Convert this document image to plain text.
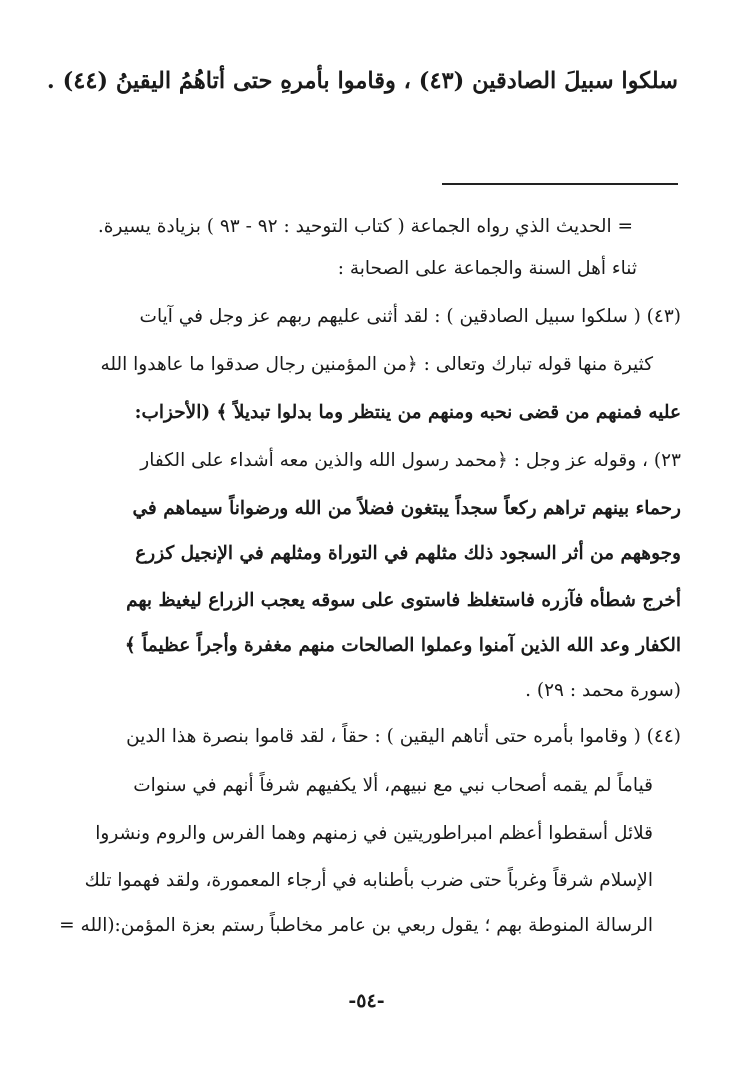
سلكوا سبيلَ الصادقين (٤٣) ، وقاموا بأمرهِ حتى أتاهُمُ اليقينُ (٤٤) .
= الحديث الذي رواه الجماعة ( كتاب التوحيد : ٩٢ - ٩٣ ) بزيادة يسيرة.
ثناء أهل السنة والجماعة على الصحابة :
(٤٣) ( سلكوا سبيل الصادقين ) : لقد أثنى عليهم ربهم عز وجل في آيات
كثيرة منها قوله تبارك وتعالى : ﴿من المؤمنين رجال صدقوا ما عاهدوا الله
عليه فمنهم من قضى نحبه ومنهم من ينتظر وما بدلوا تبديلاً ﴾ (الأحزاب:
٢٣) ، وقوله عز وجل : ﴿محمد رسول الله والذين معه أشداء على الكفار
رحماء بينهم تراهم ركعاً سجداً يبتغون فضلاً من الله ورضواناً سيماهم في
وجوههم من أثر السجود ذلك مثلهم في التوراة ومثلهم في الإنجيل كزرع
أخرج شطأه فآزره فاستغلظ فاستوى على سوقه يعجب الزراع ليغيظ بهم
الكفار وعد الله الذين آمنوا وعملوا الصالحات منهم مغفرة وأجراً عظيماً ﴾
(سورة محمد : ٢٩) .
(٤٤) ( وقاموا بأمره حتى أتاهم اليقين ) : حقاً ، لقد قاموا بنصرة هذا الدين
قياماً لم يقمه أصحاب نبي مع نبيهم، ألا يكفيهم شرفاً أنهم في سنوات
قلائل أسقطوا أعظم امبراطوريتين في زمنهم وهما الفرس والروم ونشروا
الإسلام شرقاً وغرباً حتى ضرب بأطنابه في أرجاء المعمورة، ولقد فهموا تلك
الرسالة المنوطة بهم ؛ يقول ربعي بن عامر مخاطباً رستم بعزة المؤمن:(الله =
-٥٤-
